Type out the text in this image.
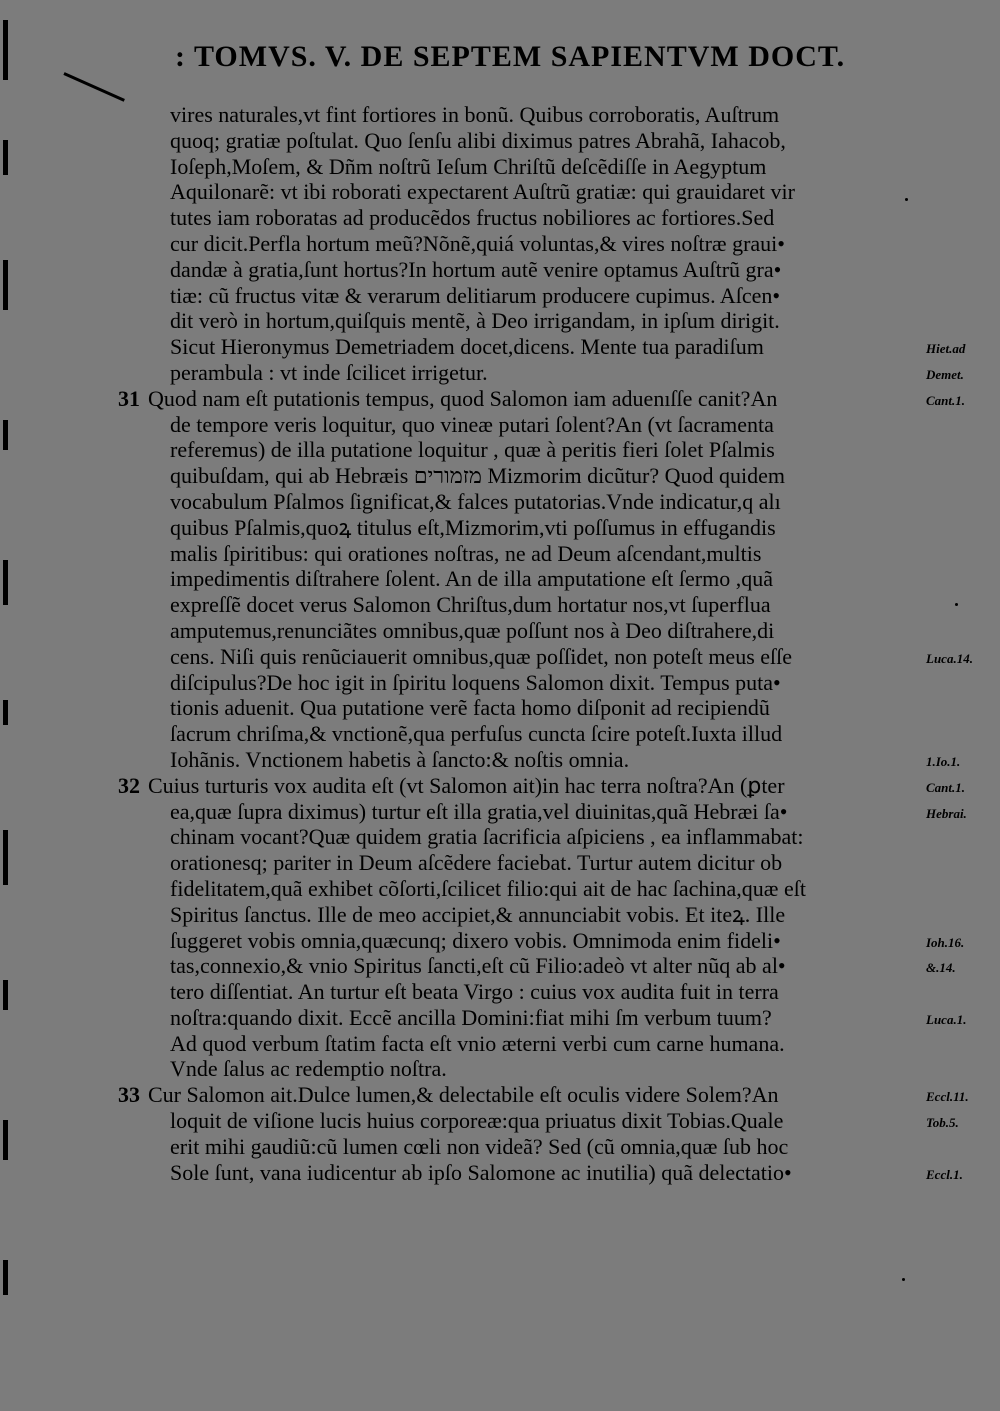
: TOMVS. V. DE SEPTEM SAPIENTVM DOCT.
vires naturales,vt fint fortiores in bonũ. Quibus corroboratis, Auſtrum
quoq; gratiæ poſtulat. Quo ſenſu alibi diximus patres Abrahã, Iahacob,
Ioſeph,Moſem, & Dñm noſtrũ Ieſum Chriſtũ deſcẽdiſſe in Aegyptum
Aquilonarẽ: vt ibi roborati expectarent Auſtrũ gratiæ: qui grauidaret vir
tutes iam roboratas ad producẽdos fructus nobiliores ac fortiores.Sed
cur dicit.Perfla hortum meũ?Nõnẽ,quiá voluntas,& vires noſtræ graui•
dandæ à gratia,ſunt hortus?In hortum autẽ venire optamus Auſtrũ gra•
tiæ: cũ fructus vitæ & verarum delitiarum producere cupimus. Aſcen•
dit verò in hortum,quiſquis mentẽ, à Deo irrigandam, in ipſum dirigit.
Sicut Hieronymus Demetriadem docet,dicens. Mente tua paradiſum
perambula : vt inde ſcilicet irrigetur.
31 Quod nam eſt putationis tempus, quod Salomon iam aduenıſſe canit?An
de tempore veris loquitur, quo vineæ putari ſolent?An (vt ſacramenta
referemus) de illa putatione loquitur , quæ à peritis fieri ſolet Pſalmis
quibuſdam, qui ab Hebræis מזמורים Mizmorim dicũtur? Quod quidem
vocabulum Pſalmos ſignificat,& falces putatorias.Vnde indicatur,q alı
quibus Pſalmis,quoꝝ titulus eſt,Mizmorim,vti poſſumus in effugandis
malis ſpiritibus: qui orationes noſtras, ne ad Deum aſcendant,multis
impedimentis diſtrahere ſolent. An de illa amputatione eſt ſermo ,quã
expreſſẽ docet verus Salomon Chriſtus,dum hortatur nos,vt ſuperflua
amputemus,renunciãtes omnibus,quæ poſſunt nos à Deo diſtrahere,di
cens. Niſi quis renũciauerit omnibus,quæ poſſidet, non poteſt meus eſſe
diſcipulus?De hoc igit in ſpiritu loquens Salomon dixit. Tempus puta•
tionis aduenit. Qua putatione verẽ facta homo diſponit ad recipiendũ
ſacrum chriſma,& vnctionẽ,qua perfuſus cuncta ſcire poteſt.Iuxta illud
Iohãnis. Vnctionem habetis à ſancto:& noſtis omnia.
32 Cuius turturis vox audita eſt (vt Salomon ait)in hac terra noſtra?An (ꝑter
ea,quæ ſupra diximus) turtur eſt illa gratia,vel diuinitas,quã Hebræi ſa•
chinam vocant?Quæ quidem gratia ſacrificia aſpiciens , ea inflammabat:
orationesq; pariter in Deum aſcẽdere faciebat. Turtur autem dicitur ob
fidelitatem,quã exhibet cõſorti,ſcilicet filio:qui ait de hac ſachina,quæ eſt
Spiritus ſanctus. Ille de meo accipiet,& annunciabit vobis. Et iteꝝ. Ille
ſuggeret vobis omnia,quæcunq; dixero vobis. Omnimoda enim fideli•
tas,connexio,& vnio Spiritus ſancti,eſt cũ Filio:adeò vt alter nũq ab al•
tero diſſentiat. An turtur eſt beata Virgo : cuius vox audita fuit in terra
noſtra:quando dixit. Eccẽ ancilla Domini:fiat mihi ſm verbum tuum?
Ad quod verbum ſtatim facta eſt vnio æterni verbi cum carne humana.
Vnde ſalus ac redemptio noſtra.
33 Cur Salomon ait.Dulce lumen,& delectabile eſt oculis videre Solem?An
loquit de viſione lucis huius corporeæ:qua priuatus dixit Tobias.Quale
erit mihi gaudiũ:cũ lumen cœli non videã? Sed (cũ omnia,quæ ſub hoc
Sole ſunt, vana iudicentur ab ipſo Salomone ac inutilia) quã delectatio•
Hiet.ad
Demet.
Cant.1.
Luca.14.
1.Io.1.
Cant.1.
Hebrai.
Ioh.16.
&.14.
Luca.1.
Eccl.11.
Tob.5.
Eccl.1.
